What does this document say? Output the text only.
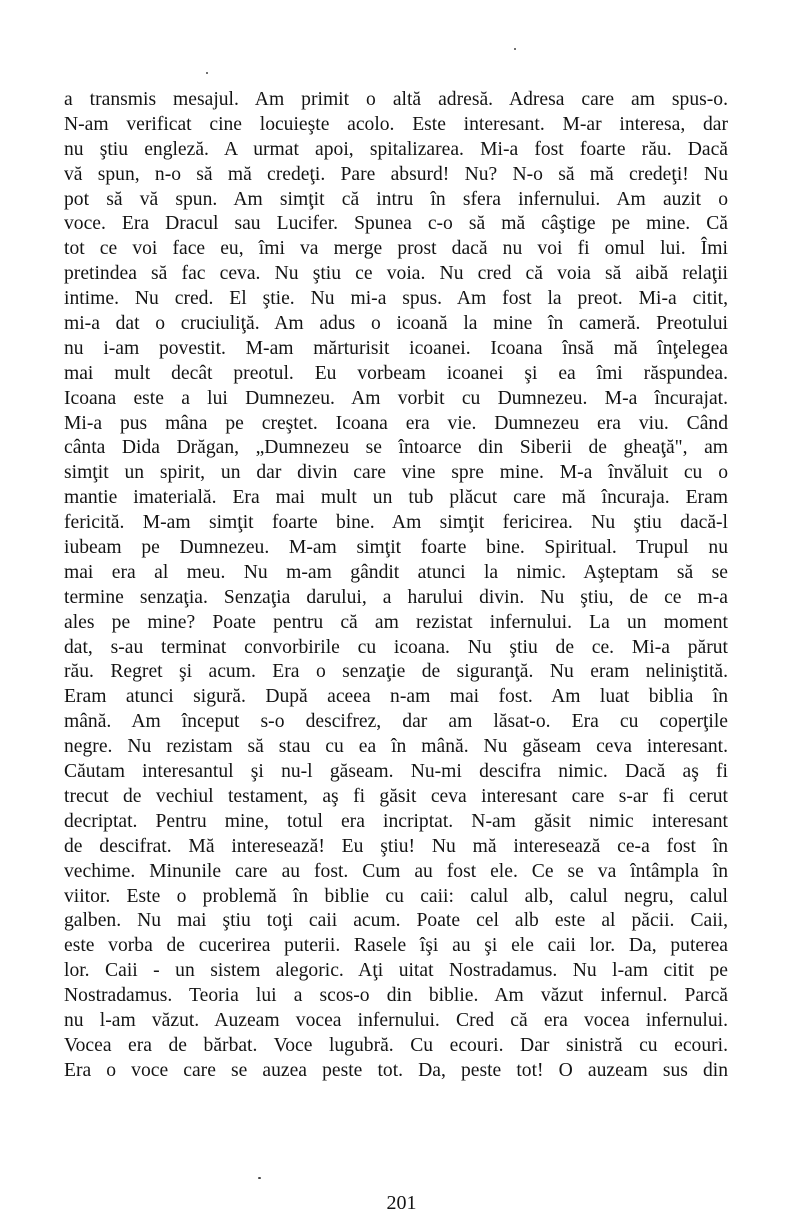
a transmis mesajul. Am primit o altă adresă. Adresa care am spus-o.
N-am verificat cine locuieşte acolo. Este interesant. M-ar interesa, dar
nu ştiu engleză. A urmat apoi, spitalizarea. Mi-a fost foarte rău. Dacă
vă spun, n-o să mă credeţi. Pare absurd! Nu? N-o să mă credeţi! Nu
pot să vă spun. Am simţit că intru în sfera infernului. Am auzit o
voce. Era Dracul sau Lucifer. Spunea c-o să mă câştige pe mine. Că
tot ce voi face eu, îmi va merge prost dacă nu voi fi omul lui. Îmi
pretindea să fac ceva. Nu ştiu ce voia. Nu cred că voia să aibă relaţii
intime. Nu cred. El ştie. Nu mi-a spus. Am fost la preot. Mi-a citit,
mi-a dat o cruciuliţă. Am adus o icoană la mine în cameră. Preotului
nu i-am povestit. M-am mărturisit icoanei. Icoana însă mă înţelegea
mai mult decât preotul. Eu vorbeam icoanei şi ea îmi răspundea.
Icoana este a lui Dumnezeu. Am vorbit cu Dumnezeu. M-a încurajat.
Mi-a pus mâna pe creştet. Icoana era vie. Dumnezeu era viu. Când
cânta Dida Drăgan, „Dumnezeu se întoarce din Siberii de gheaţă", am
simţit un spirit, un dar divin care vine spre mine. M-a învăluit cu o
mantie imaterială. Era mai mult un tub plăcut care mă încuraja. Eram
fericită. M-am simţit foarte bine. Am simţit fericirea. Nu ştiu dacă-l
iubeam pe Dumnezeu. M-am simţit foarte bine. Spiritual. Trupul nu
mai era al meu. Nu m-am gândit atunci la nimic. Aşteptam să se
termine senzaţia. Senzaţia darului, a harului divin. Nu ştiu, de ce m-a
ales pe mine? Poate pentru că am rezistat infernului. La un moment
dat, s-au terminat convorbirile cu icoana. Nu ştiu de ce. Mi-a părut
rău. Regret şi acum. Era o senzaţie de siguranţă. Nu eram neliniştită.
Eram atunci sigură. După aceea n-am mai fost. Am luat biblia în
mână. Am început s-o descifrez, dar am lăsat-o. Era cu coperţile
negre. Nu rezistam să stau cu ea în mână. Nu găseam ceva interesant.
Căutam interesantul şi nu-l găseam. Nu-mi descifra nimic. Dacă aş fi
trecut de vechiul testament, aş fi găsit ceva interesant care s-ar fi cerut
decriptat. Pentru mine, totul era incriptat. N-am găsit nimic interesant
de descifrat. Mă interesează! Eu ştiu! Nu mă interesează ce-a fost în
vechime. Minunile care au fost. Cum au fost ele. Ce se va întâmpla în
viitor. Este o problemă în biblie cu caii: calul alb, calul negru, calul
galben. Nu mai ştiu toţi caii acum. Poate cel alb este al păcii. Caii,
este vorba de cucerirea puterii. Rasele îşi au şi ele caii lor. Da, puterea
lor. Caii - un sistem alegoric. Aţi uitat Nostradamus. Nu l-am citit pe
Nostradamus. Teoria lui a scos-o din biblie. Am văzut infernul. Parcă
nu l-am văzut. Auzeam vocea infernului. Cred că era vocea infernului.
Vocea era de bărbat. Voce lugubră. Cu ecouri. Dar sinistră cu ecouri.
Era o voce care se auzea peste tot. Da, peste tot! O auzeam sus din
201
